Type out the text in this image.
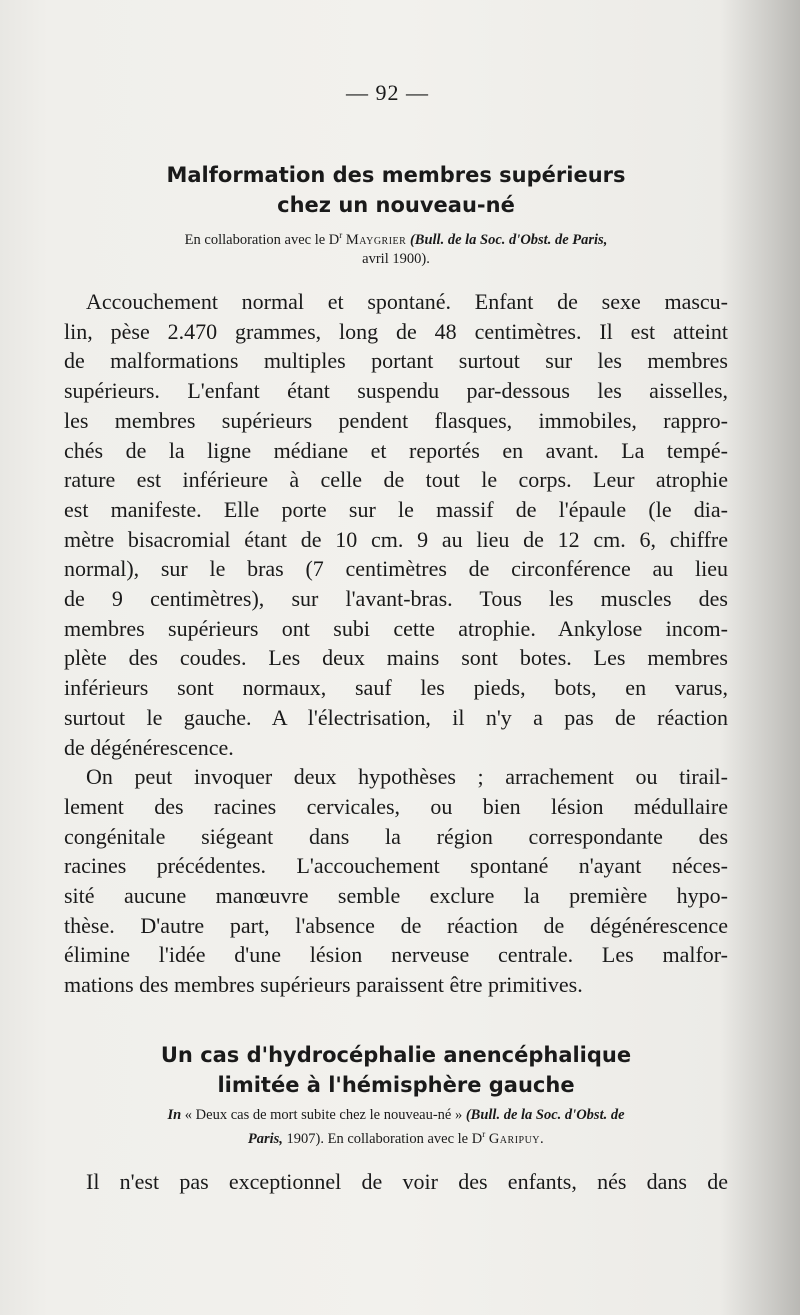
— 92 —
Malformation des membres supérieurs
chez un nouveau-né
En collaboration avec le $D^r$ Maygrier (Bull. de la Soc. d'Obst. de Paris,
avril 1900).
Accouchement normal et spontané. Enfant de sexe mascu-
lin, pèse 2.470 grammes, long de 48 centimètres. Il est atteint
de malformations multiples portant surtout sur les membres
supérieurs. L'enfant étant suspendu par-dessous les aisselles,
les membres supérieurs pendent flasques, immobiles, rappro-
chés de la ligne médiane et reportés en avant. La tempé-
rature est inférieure à celle de tout le corps. Leur atrophie
est manifeste. Elle porte sur le massif de l'épaule (le dia-
mètre bisacromial étant de 10 cm. 9 au lieu de 12 cm. 6, chiffre
normal), sur le bras (7 centimètres de circonférence au lieu
de 9 centimètres), sur l'avant-bras. Tous les muscles des
membres supérieurs ont subi cette atrophie. Ankylose incom-
plète des coudes. Les deux mains sont botes. Les membres
inférieurs sont normaux, sauf les pieds, bots, en varus,
surtout le gauche. A l'électrisation, il n'y a pas de réaction
de dégénérescence.
On peut invoquer deux hypothèses ; arrachement ou tirail-
lement des racines cervicales, ou bien lésion médullaire
congénitale siégeant dans la région correspondante des
racines précédentes. L'accouchement spontané n'ayant néces-
sité aucune manœuvre semble exclure la première hypo-
thèse. D'autre part, l'absence de réaction de dégénérescence
élimine l'idée d'une lésion nerveuse centrale. Les malfor-
mations des membres supérieurs paraissent être primitives.
Un cas d'hydrocéphalie anencéphalique
limitée à l'hémisphère gauche
In « Deux cas de mort subite chez le nouveau-né » (Bull. de la Soc. d'Obst. de
Paris, 1907). En collaboration avec le $D^r$ Garipuy.
Il n'est pas exceptionnel de voir des enfants, nés dans de
